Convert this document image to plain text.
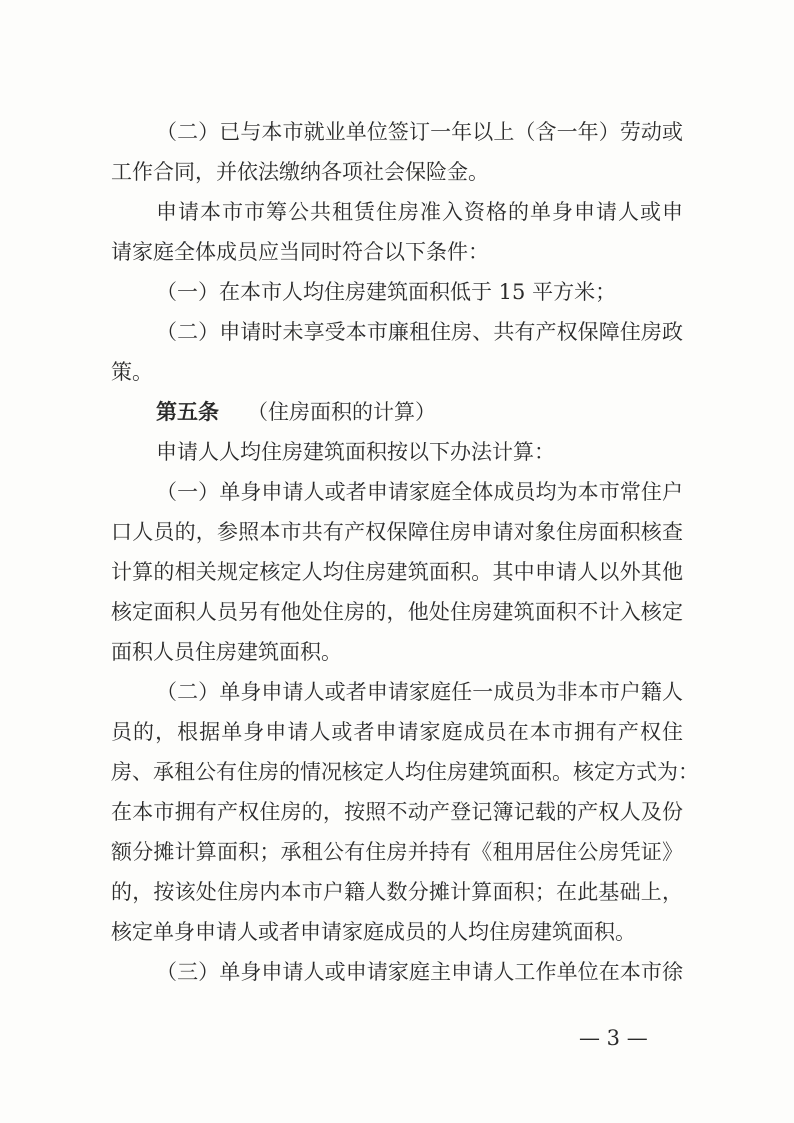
（二）已与本市就业单位签订一年以上（含一年）劳动或
工作合同，并依法缴纳各项社会保险金。
申请本市市筹公共租赁住房准入资格的单身申请人或申
请家庭全体成员应当同时符合以下条件：
（一）在本市人均住房建筑面积低于 15 平方米；
（二）申请时未享受本市廉租住房、共有产权保障住房政
策。
第五条 （住房面积的计算）
申请人人均住房建筑面积按以下办法计算：
（一）单身申请人或者申请家庭全体成员均为本市常住户
口人员的，参照本市共有产权保障住房申请对象住房面积核查
计算的相关规定核定人均住房建筑面积。其中申请人以外其他
核定面积人员另有他处住房的，他处住房建筑面积不计入核定
面积人员住房建筑面积。
（二）单身申请人或者申请家庭任一成员为非本市户籍人
员的，根据单身申请人或者申请家庭成员在本市拥有产权住
房、承租公有住房的情况核定人均住房建筑面积。核定方式为：
在本市拥有产权住房的，按照不动产登记簿记载的产权人及份
额分摊计算面积；承租公有住房并持有《租用居住公房凭证》
的，按该处住房内本市户籍人数分摊计算面积；在此基础上，
核定单身申请人或者申请家庭成员的人均住房建筑面积。
（三）单身申请人或申请家庭主申请人工作单位在本市徐
— 3 —
